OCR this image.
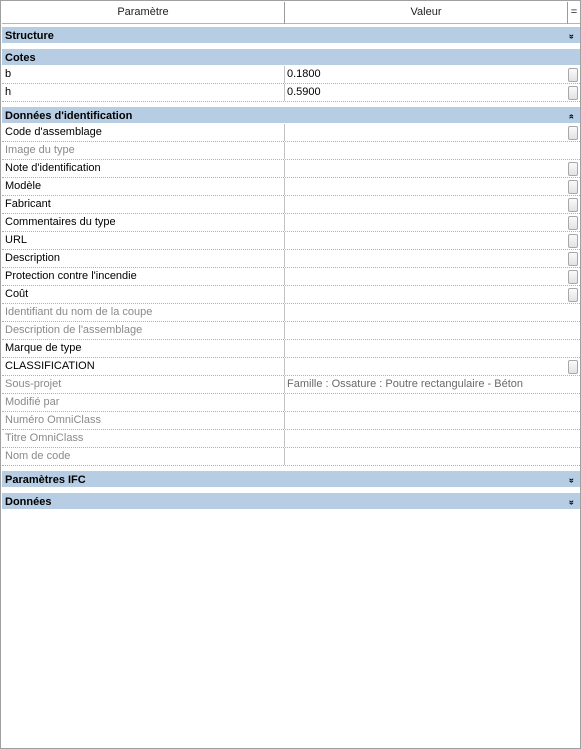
Paramètre	Valeur	=
Structure	»
Cotes
b	0.1800
h	0.5900
Données d'identification	«
Code d'assemblage
Image du type
Note d'identification
Modèle
Fabricant
Commentaires du type
URL
Description
Protection contre l'incendie
Coût
Identifiant du nom de la coupe
Description de l'assemblage
Marque de type
CLASSIFICATION
Sous-projet	Famille : Ossature : Poutre rectangulaire - Béton
Modifié par
Numéro OmniClass
Titre OmniClass
Nom de code
Paramètres IFC	»
Données	»
